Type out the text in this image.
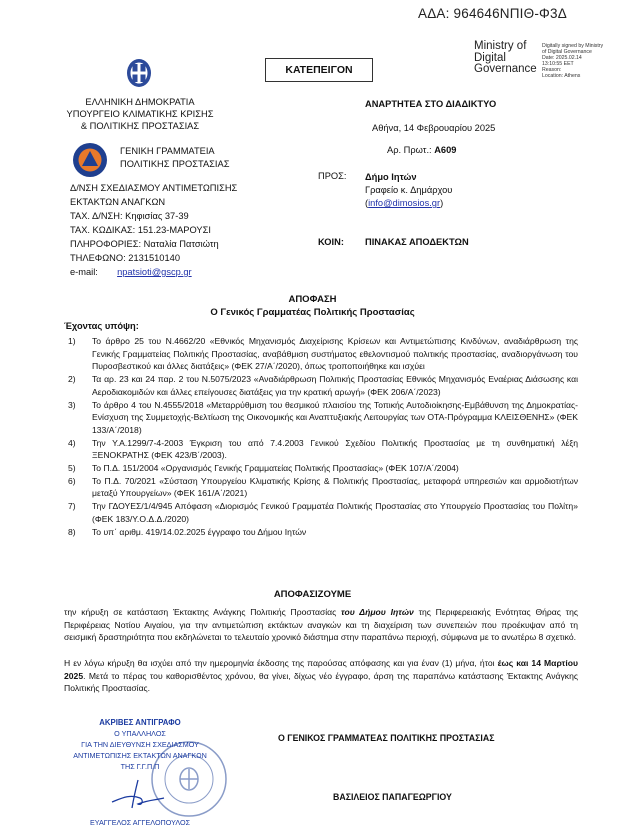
ΑΔΑ: 964646ΝΠΙΘ-Φ3Δ
Ministry of
Digital
Governance
Digitally signed by Ministry
of Digital Governance
Date: 2025.02.14
13:10:55 EET
Reason:
Location: Athens
ΚΑΤΕΠΕΙΓΟΝ
ΕΛΛΗΝΙΚΗ ΔΗΜΟΚΡΑΤΙΑ
ΥΠΟΥΡΓΕΙΟ ΚΛΙΜΑΤΙΚΗΣ ΚΡΙΣΗΣ
& ΠΟΛΙΤΙΚΗΣ ΠΡΟΣΤΑΣΙΑΣ
ΓΕΝΙΚΗ ΓΡΑΜΜΑΤΕΙΑ
ΠΟΛΙΤΙΚΗΣ ΠΡΟΣΤΑΣΙΑΣ
Δ/ΝΣΗ ΣΧΕΔΙΑΣΜΟΥ ΑΝΤΙΜΕΤΩΠΙΣΗΣ
ΕΚΤΑΚΤΩΝ ΑΝΑΓΚΩΝ
ΤΑΧ. Δ/ΝΣΗ: Κηφισίας 37-39
ΤΑΧ. ΚΩΔΙΚΑΣ: 151.23-ΜΑΡΟΥΣΙ
ΠΛΗΡΟΦΟΡΙΕΣ: Ναταλία Πατσιώτη
ΤΗΛΕΦΩΝΟ: 2131510140
e-mail: npatsioti@gscp.gr
ΑΝΑΡΤΗΤΕΑ ΣΤΟ ΔΙΑΔΙΚΤΥΟ
Αθήνα, 14 Φεβρουαρίου 2025
Αρ. Πρωτ.: Α609
ΠΡΟΣ: Δήμο Ιητών
Γραφείο κ. Δημάρχου
(info@dimosios.gr)
ΚΟΙΝ: ΠΙΝΑΚΑΣ ΑΠΟΔΕΚΤΩΝ
ΑΠΟΦΑΣΗ
Ο Γενικός Γραμματέας Πολιτικής Προστασίας
Έχοντας υπόψη:
1)	Το άρθρο 25 του Ν.4662/20 «Εθνικός Μηχανισμός Διαχείρισης Κρίσεων και Αντιμετώπισης Κινδύνων, αναδιάρθρωση της Γενικής Γραμματείας Πολιτικής Προστασίας, αναβάθμιση συστήματος εθελοντισμού πολιτικής προστασίας, αναδιοργάνωση του Πυροσβεστικού και άλλες διατάξεις» (ΦΕΚ 27/Α΄/2020), όπως τροποποιήθηκε και ισχύει
2)	Τα αρ. 23 και 24 παρ. 2 του Ν.5075/2023 «Αναδιάρθρωση Πολιτικής Προστασίας Εθνικός Μηχανισμός Εναέριας Διάσωσης και Αεροδιακομιδών και άλλες επείγουσες διατάξεις για την κρατική αρωγή» (ΦΕΚ 206/Α΄/2023)
3)	Το άρθρο 4 του Ν.4555/2018 «Μεταρρύθμιση του θεσμικού πλαισίου της Τοπικής Αυτοδιοίκησης-Εμβάθυνση της Δημοκρατίας-Ενίσχυση της Συμμετοχής-Βελτίωση της Οικονομικής και Αναπτυξιακής Λειτουργίας των ΟΤΑ-Πρόγραμμα ΚΛΕΙΣΘΕΝΗΣ» (ΦΕΚ 133/Α΄/2018)
4)	Την Υ.Α.1299/7-4-2003 Έγκριση του από 7.4.2003 Γενικού Σχεδίου Πολιτικής Προστασίας με τη συνθηματική λέξη ΞΕΝΟΚΡΑΤΗΣ (ΦΕΚ 423/Β΄/2003).
5)	Το Π.Δ. 151/2004 «Οργανισμός Γενικής Γραμματείας Πολιτικής Προστασίας» (ΦΕΚ 107/Α΄/2004)
6)	Το Π.Δ. 70/2021 «Σύσταση Υπουργείου Κλιματικής Κρίσης & Πολιτικής Προστασίας, μεταφορά υπηρεσιών και αρμοδιοτήτων μεταξύ Υπουργείων» (ΦΕΚ 161/Α΄/2021)
7)	Την ΓΔΟΥΕΣ/1/4/945 Απόφαση «Διορισμός Γενικού Γραμματέα Πολιτικής Προστασίας στο Υπουργείο Προστασίας του Πολίτη» (ΦΕΚ 183/Υ.Ο.Δ.Δ./2020)
8)	Το υπ΄ αριθμ. 419/14.02.2025 έγγραφο του Δήμου Ιητών
ΑΠΟΦΑΣΙΖΟΥΜΕ
την κήρυξη σε κατάσταση Έκτακτης Ανάγκης Πολιτικής Προστασίας του Δήμου Ιητών της Περιφερειακής Ενότητας Θήρας της Περιφέρειας Νοτίου Αιγαίου, για την αντιμετώπιση εκτάκτων αναγκών και τη διαχείριση των συνεπειών που προέκυψαν από τη σεισμική δραστηριότητα που εκδηλώνεται το τελευταίο χρονικό διάστημα στην παραπάνω περιοχή, σύμφωνα με το ανωτέρω 8 σχετικό.
Η εν λόγω κήρυξη θα ισχύει από την ημερομηνία έκδοσης της παρούσας απόφασης και για έναν (1) μήνα, ήτοι έως και 14 Μαρτίου 2025. Μετά το πέρας του καθορισθέντος χρόνου, θα γίνει, δίχως νέο έγγραφο, άρση της παραπάνω κατάστασης Έκτακτης Ανάγκης Πολιτικής Προστασίας.
ΑΚΡΙΒΕΣ ΑΝΤΙΓΡΑΦΟ
Ο ΥΠΑΛΛΗΛΟΣ
ΓΙΑ ΤΗΝ ΔΙΕΥΘΥΝΣΗ ΣΧΕΔΙΑΣΜΟΥ
ΑΝΤΙΜΕΤΩΠΙΣΗΣ ΕΚΤΑΚΤΩΝ ΑΝΑΓΚΩΝ
ΤΗΣ Γ.Γ.Π.Π
ΕΥΑΓΓΕΛΟΣ ΑΓΓΕΛΟΠΟΥΛΟΣ
Ο ΓΕΝΙΚΟΣ ΓΡΑΜΜΑΤΕΑΣ ΠΟΛΙΤΙΚΗΣ ΠΡΟΣΤΑΣΙΑΣ
ΒΑΣΙΛΕΙΟΣ ΠΑΠΑΓΕΩΡΓΙΟΥ
